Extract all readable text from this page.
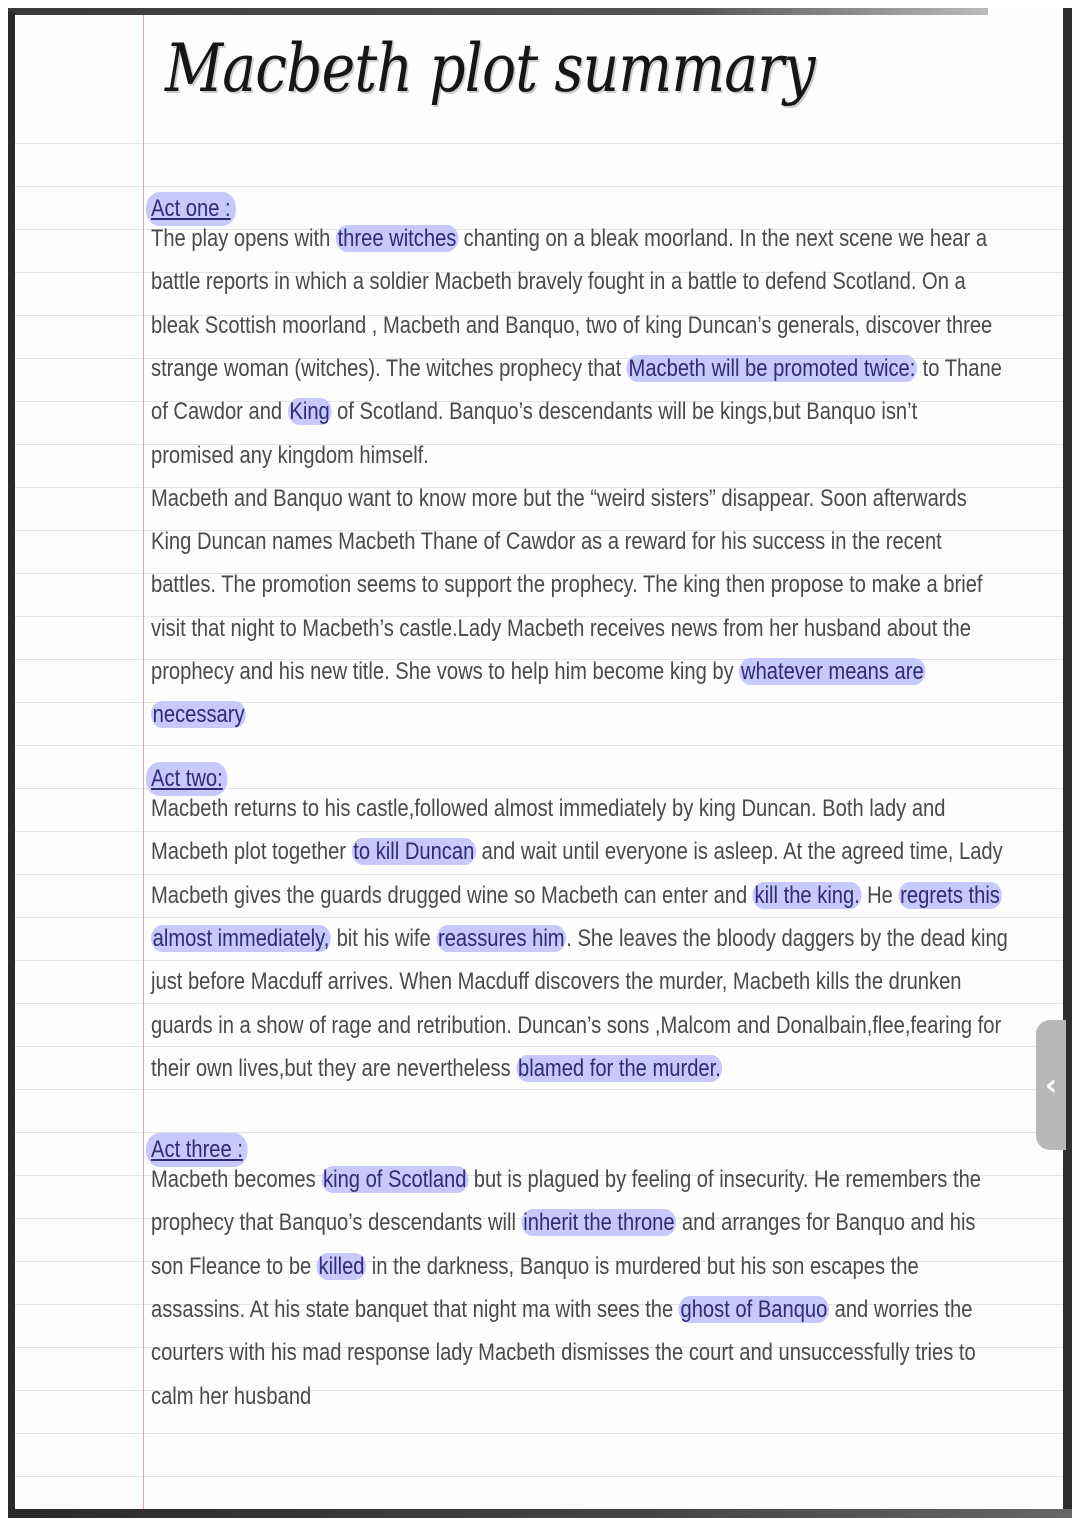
Macbeth plot summary
Act one :
The play opens with three witches chanting on a bleak moorland. In the next scene we hear a
battle reports in which a soldier Macbeth bravely fought in a battle to defend Scotland. On a
bleak Scottish moorland , Macbeth and Banquo, two of king Duncan’s generals, discover three
strange woman (witches). The witches prophecy that Macbeth will be promoted twice: to Thane
of Cawdor and King of Scotland. Banquo’s descendants will be kings,but Banquo isn’t
promised any kingdom himself.
Macbeth and Banquo want to know more but the “weird sisters” disappear. Soon afterwards
King Duncan names Macbeth Thane of Cawdor as a reward for his success in the recent
battles. The promotion seems to support the prophecy. The king then propose to make a brief
visit that night to Macbeth’s castle.Lady Macbeth receives news from her husband about the
prophecy and his new title. She vows to help him become king by whatever means are
necessary
Act two:
Macbeth returns to his castle,followed almost immediately by king Duncan. Both lady and
Macbeth plot together to kill Duncan and wait until everyone is asleep. At the agreed time, Lady
Macbeth gives the guards drugged wine so Macbeth can enter and kill the king. He regrets this
almost immediately, bit his wife reassures him. She leaves the bloody daggers by the dead king
just before Macduff arrives. When Macduff discovers the murder, Macbeth kills the drunken
guards in a show of rage and retribution. Duncan’s sons ,Malcom and Donalbain,flee,fearing for
their own lives,but they are nevertheless blamed for the murder.
Act three :
Macbeth becomes king of Scotland but is plagued by feeling of insecurity. He remembers the
prophecy that Banquo’s descendants will inherit the throne and arranges for Banquo and his
son Fleance to be killed in the darkness, Banquo is murdered but his son escapes the
assassins. At his state banquet that night ma with sees the ghost of Banquo and worries the
courters with his mad response lady Macbeth dismisses the court and unsuccessfully tries to
calm her husband
‹
